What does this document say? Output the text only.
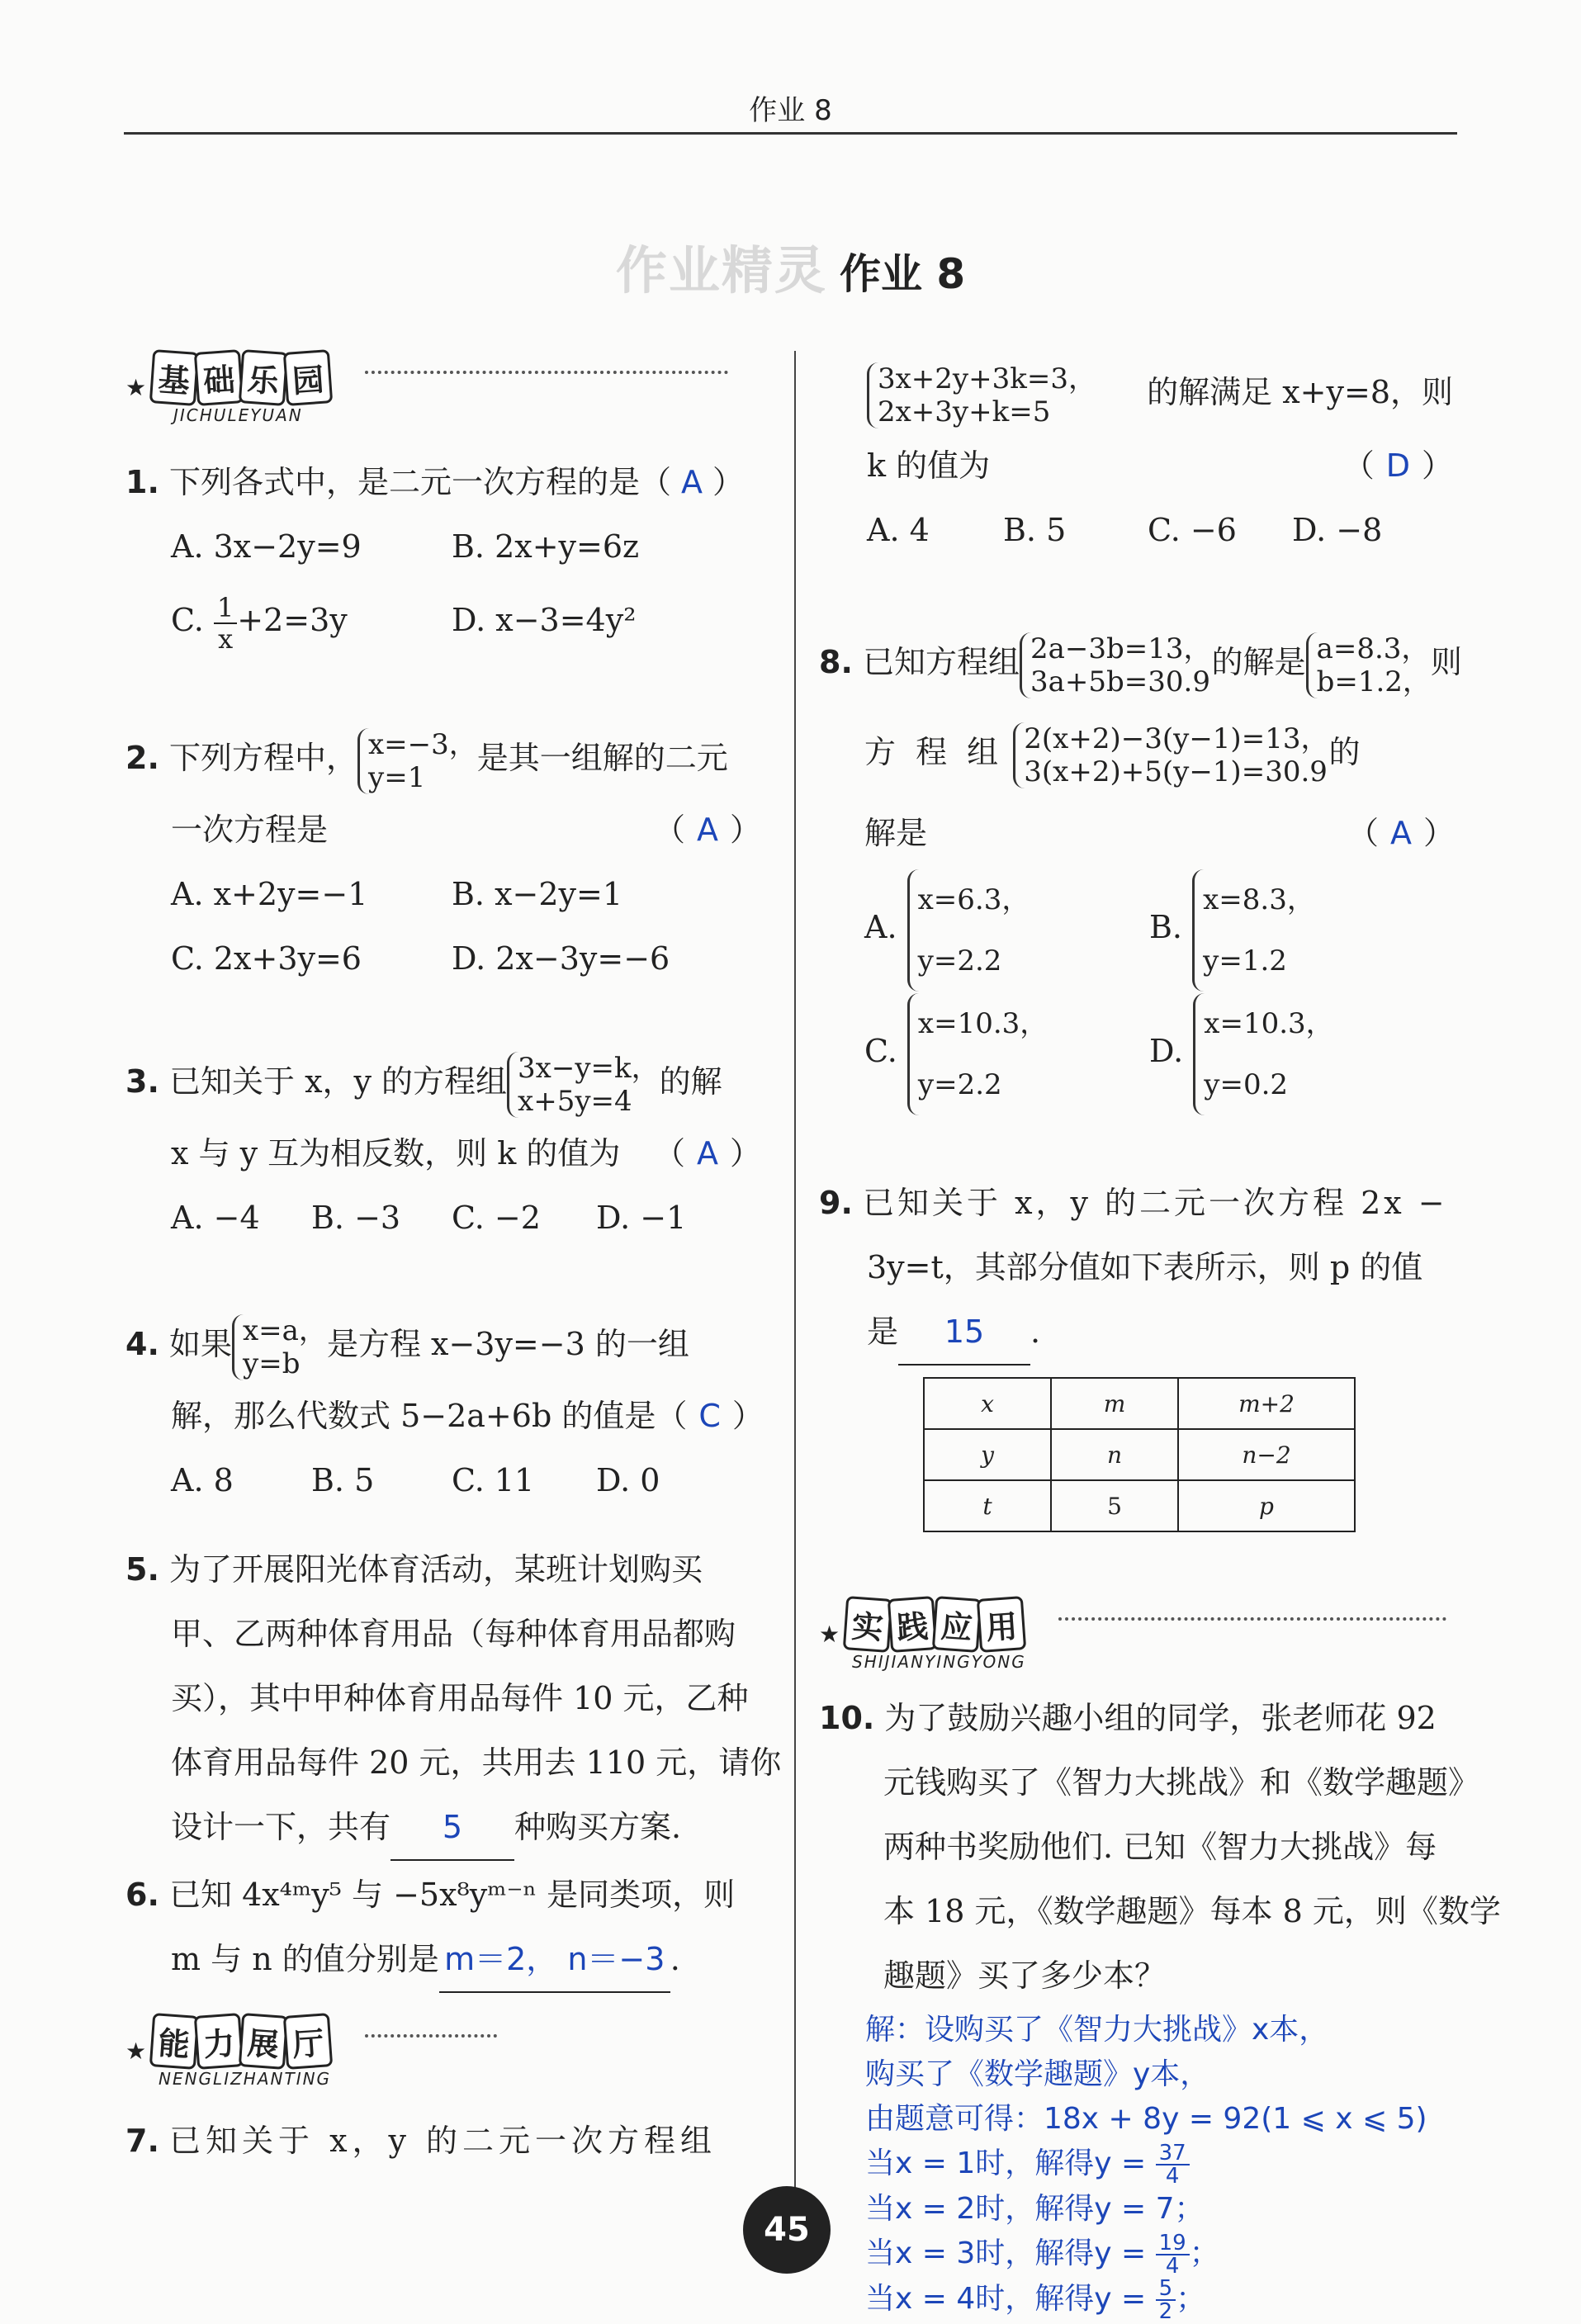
作业 8
作业精灵 作业 8
★ 基 础 乐 园
JICHULEYUAN
1. 下列各式中，是二元一次方程的是（ A ）
A. 3x−2y=9	B. 2x+y=6z
C. $\frac{1}{x} +2=3y$	D. x−3=4y²
2. 下列方程中， x=−3，
y=1
是其一组解的二元
一次方程是	（ A ）
A. x+2y=−1	B. x−2y=1
C. 2x+3y=6	D. 2x−3y=−6
3. 已知关于 x，y 的方程组 3x−y=k，
x+5y=4
的解
x 与 y 互为相反数，则 k 的值为 （ A ）
A. −4 B. −3 C. −2 D. −1
4. 如果 x=a，
y=b
是方程 x−3y=−3 的一组
解，那么代数式 5−2a+6b 的值是（ C ）
A. 8 B. 5 C. 11 D. 0
5. 为了开展阳光体育活动，某班计划购买
甲、乙两种体育用品（每种体育用品都购
买），其中甲种体育用品每件 10 元，乙种
体育用品每件 20 元，共用去 110 元，请你
设计一下，共有 5 种购买方案.
6. 已知 4x⁴ᵐy⁵ 与 −5x⁸yᵐ⁻ⁿ 是同类项，则
m 与 n 的值分别是 m＝2， n＝−3 .
★ 能 力 展 厅
NENGLIZHANTING
7. 已知关于 x，y 的二元一次方程组
3x+2y+3k=3，
2x+3y+k=5
的解满足 x+y=8，则
k 的值为	（ D ）
A. 4 B. 5	C. −6 D. −8
8. 已知方程组 2a−3b=13，
3a+5b=30.9
的解是 a=8.3，
b=1.2，
则
方 程 组 2(x+2)−3(y−1)=13，
3(x+2)+5(y−1)=30.9
的
解是	（ A ）
A.
x=6.3，
y=2.2
B.
x=8.3，
y=1.2
C.
x=10.3，
y=2.2
D.
x=10.3，
y=0.2
9. 已知关于 x，y 的二元一次方程 2x −
3y=t，其部分值如下表所示，则 p 的值
是 15 .
x	m	m+2
y	n	n−2
t	5	p
★ 实 践 应 用
SHIJIANYINGYONG
10. 为了鼓励兴趣小组的同学，张老师花 92
元钱购买了《智力大挑战》和《数学趣题》
两种书奖励他们. 已知《智力大挑战》每
本 18 元，《数学趣题》每本 8 元，则《数学
趣题》买了多少本？
解：设购买了《智力大挑战》x本，
购买了《数学趣题》y本，
由题意可得：18x + 8y = 92(1 ⩽ x ⩽ 5)
当x = 1时，解得$y = \frac{37}{4}$
当x = 2时，解得y = 7；
当x = 3时，解得$y = \frac{19}{4}$ ；
当x = 4时，解得$y = \frac{5}{2}$ ；
45
